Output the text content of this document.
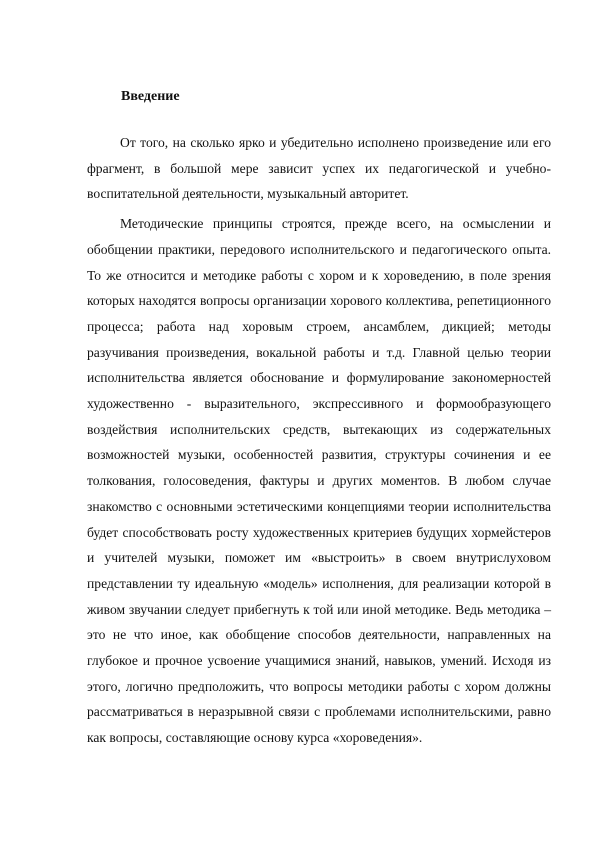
Введение

От того, на сколько ярко и убедительно исполнено произведение или его фрагмент, в большой мере зависит успех их педагогической и учебно-воспитательной деятельности, музыкальный авторитет.

Методические принципы строятся, прежде всего, на осмыслении и обобщении практики, передового исполнительского и педагогического опыта. То же относится и методике работы с хором и к хороведению, в поле зрения которых находятся вопросы организации хорового коллектива, репетиционного процесса; работа над хоровым строем, ансамблем, дикцией; методы разучивания произведения, вокальной работы и т.д. Главной целью теории исполнительства является обоснование и формулирование закономерностей художественно - выразительного, экспрессивного и формообразующего воздействия исполнительских средств, вытекающих из содержательных возможностей музыки, особенностей развития, структуры сочинения и ее толкования, голосоведения, фактуры и других моментов. В любом случае знакомство с основными эстетическими концепциями теории исполнительства будет способствовать росту художественных критериев будущих хормейстеров и учителей музыки, поможет им «выстроить» в своем внутрислуховом представлении ту идеальную «модель» исполнения, для реализации которой в живом звучании следует прибегнуть к той или иной методике. Ведь методика – это не что иное, как обобщение способов деятельности, направленных на глубокое и прочное усвоение учащимися знаний, навыков, умений. Исходя из этого, логично предположить, что вопросы методики работы с хором должны рассматриваться в неразрывной связи с проблемами исполнительскими, равно как вопросы, составляющие основу курса «хороведения».
